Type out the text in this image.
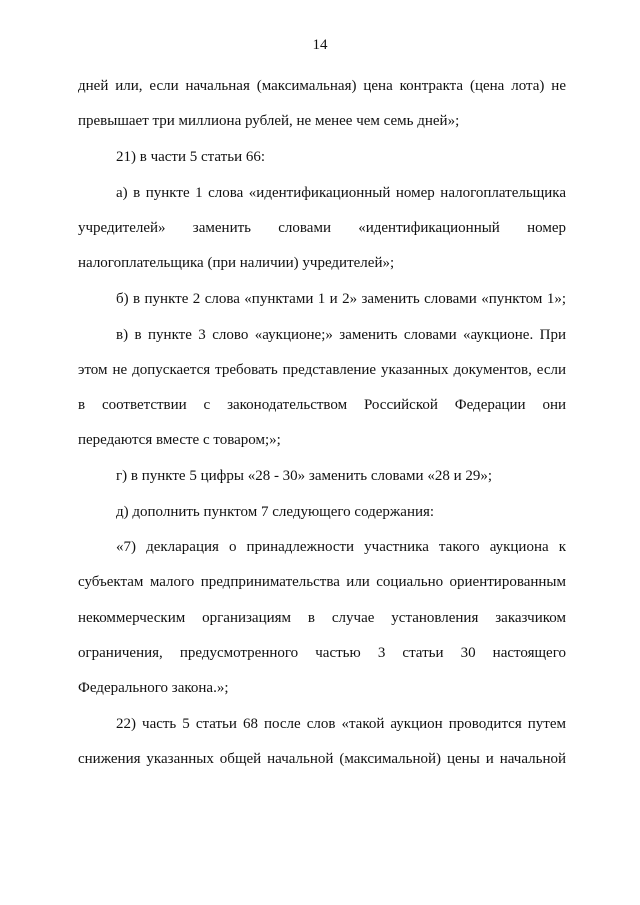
14
дней или, если начальная (максимальная) цена контракта (цена лота) не
превышает три миллиона рублей, не менее чем семь дней»;
21) в части 5 статьи 66:
а) в пункте 1 слова «идентификационный номер налогоплательщика
учредителей» заменить словами «идентификационный номер
налогоплательщика (при наличии) учредителей»;
б) в пункте 2 слова «пунктами 1 и 2» заменить словами «пунктом 1»;
в) в пункте 3 слово «аукционе;» заменить словами «аукционе. При
этом не допускается требовать представление указанных документов, если
в соответствии с законодательством Российской Федерации они
передаются вместе с товаром;»;
г) в пункте 5 цифры «28 - 30» заменить словами «28 и 29»;
д) дополнить пунктом 7 следующего содержания:
«7) декларация о принадлежности участника такого аукциона к
субъектам малого предпринимательства или социально ориентированным
некоммерческим организациям в случае установления заказчиком
ограничения, предусмотренного частью 3 статьи 30 настоящего
Федерального закона.»;
22) часть 5 статьи 68 после слов «такой аукцион проводится путем
снижения указанных общей начальной (максимальной) цены и начальной
